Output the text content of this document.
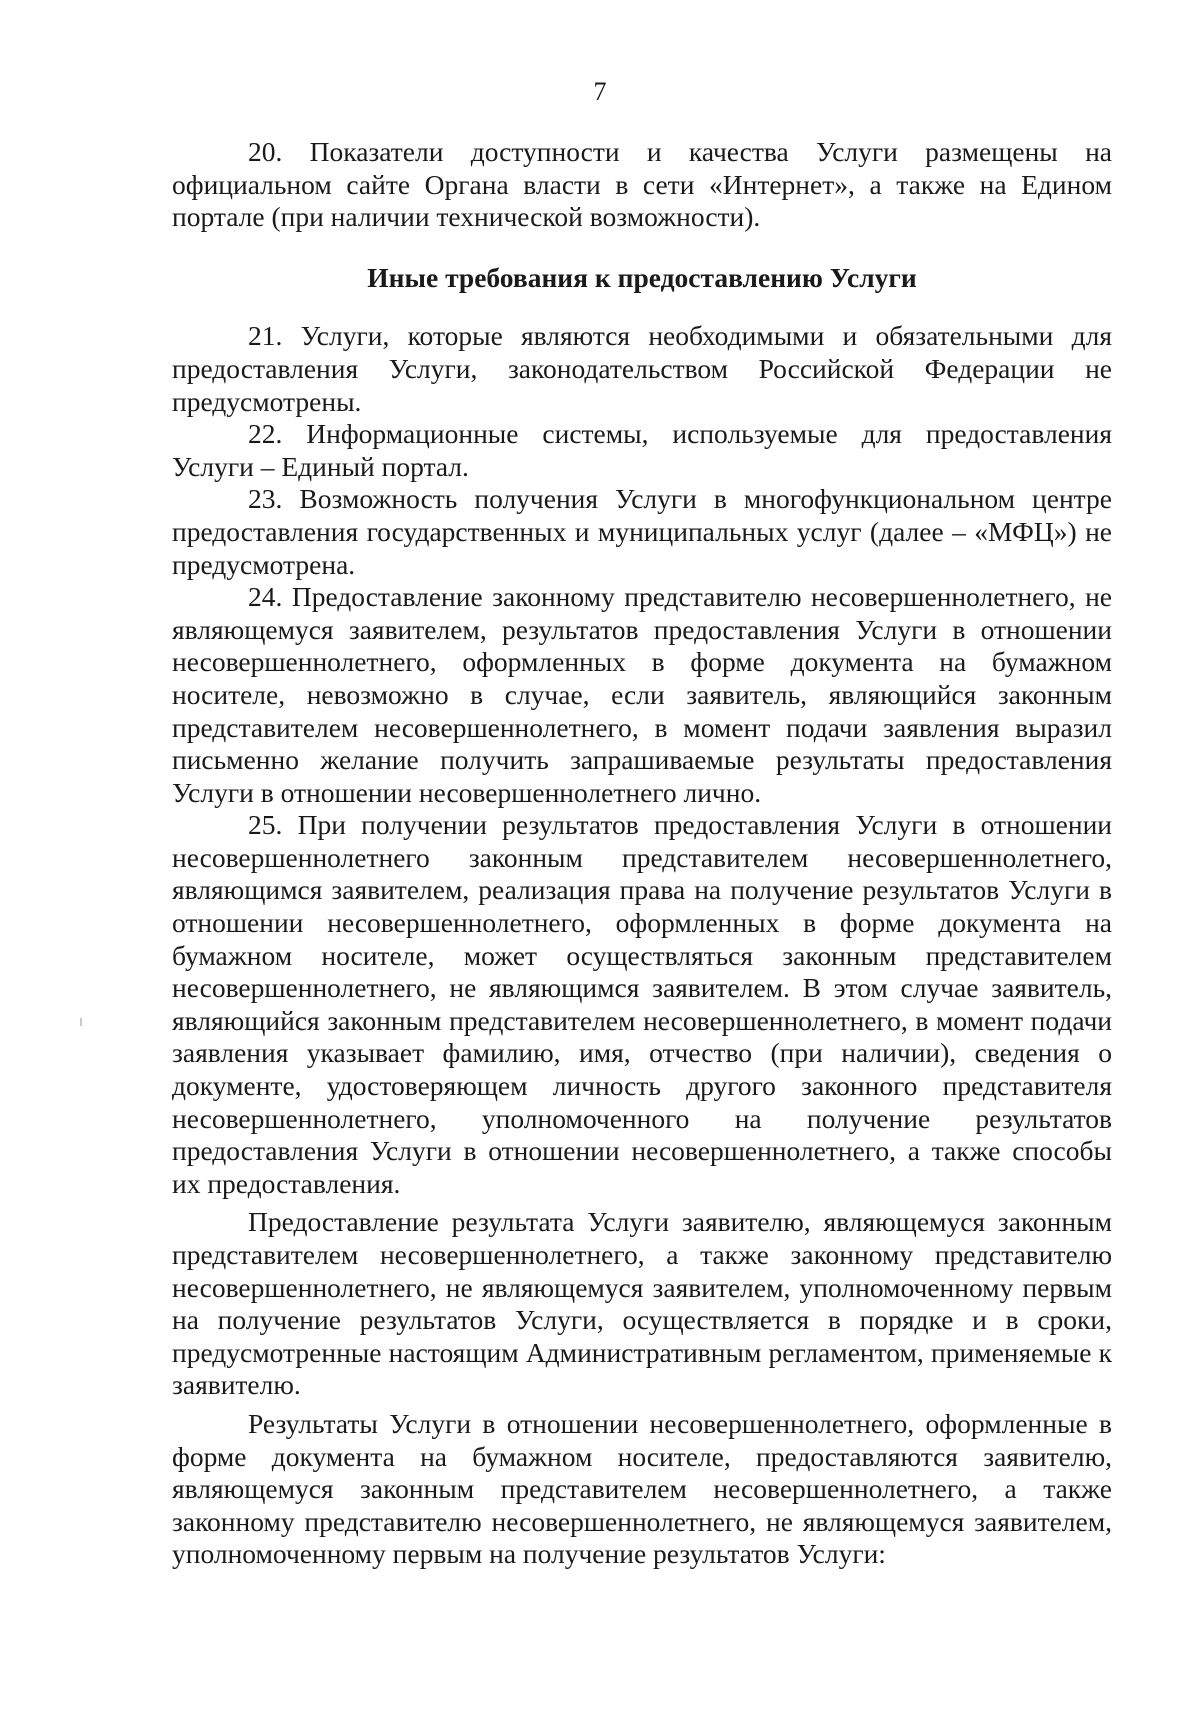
7

20. Показатели доступности и качества Услуги размещены на официальном сайте Органа власти в сети «Интернет», а также на Едином портале (при наличии технической возможности).

Иные требования к предоставлению Услуги

21. Услуги, которые являются необходимыми и обязательными для предоставления Услуги, законодательством Российской Федерации не предусмотрены.

22. Информационные системы, используемые для предоставления Услуги – Единый портал.

23. Возможность получения Услуги в многофункциональном центре предоставления государственных и муниципальных услуг (далее – «МФЦ») не предусмотрена.

24. Предоставление законному представителю несовершеннолетнего, не являющемуся заявителем, результатов предоставления Услуги в отношении несовершеннолетнего, оформленных в форме документа на бумажном носителе, невозможно в случае, если заявитель, являющийся законным представителем несовершеннолетнего, в момент подачи заявления выразил письменно желание получить запрашиваемые результаты предоставления Услуги в отношении несовершеннолетнего лично.

25. При получении результатов предоставления Услуги в отношении несовершеннолетнего законным представителем несовершеннолетнего, являющимся заявителем, реализация права на получение результатов Услуги в отношении несовершеннолетнего, оформленных в форме документа на бумажном носителе, может осуществляться законным представителем несовершеннолетнего, не являющимся заявителем. В этом случае заявитель, являющийся законным представителем несовершеннолетнего, в момент подачи заявления указывает фамилию, имя, отчество (при наличии), сведения о документе, удостоверяющем личность другого законного представителя несовершеннолетнего, уполномоченного на получение результатов предоставления Услуги в отношении несовершеннолетнего, а также способы их предоставления.

Предоставление результата Услуги заявителю, являющемуся законным представителем несовершеннолетнего, а также законному представителю несовершеннолетнего, не являющемуся заявителем, уполномоченному первым на получение результатов Услуги, осуществляется в порядке и в сроки, предусмотренные настоящим Административным регламентом, применяемые к заявителю.

Результаты Услуги в отношении несовершеннолетнего, оформленные в форме документа на бумажном носителе, предоставляются заявителю, являющемуся законным представителем несовершеннолетнего, а также законному представителю несовершеннолетнего, не являющемуся заявителем, уполномоченному первым на получение результатов Услуги:
